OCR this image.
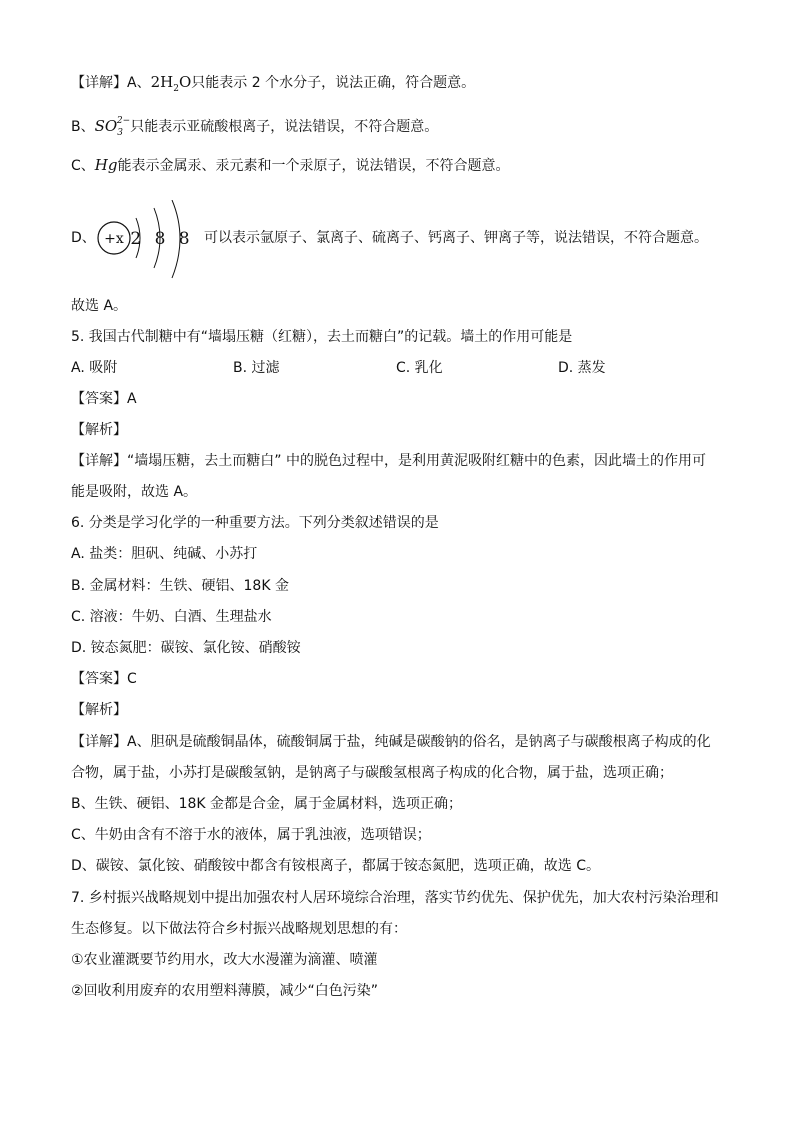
【详解】A、$2H_2O$只能表示 2 个水分子，说法正确，符合题意。
B、$SO_3^{2-}$只能表示亚硫酸根离子，说法错误，不符合题意。
C、Hg能表示金属汞、汞元素和一个汞原子，说法错误，不符合题意。
D、 +x 2 8 8 可以表示氩原子、氯离子、硫离子、钙离子、钾离子等，说法错误，不符合题意。
故选 A。
5. 我国古代制糖中有“墙塌压糖（红糖），去土而糖白”的记载。墙土的作用可能是
A. 吸附	B. 过滤	C. 乳化	D. 蒸发
【答案】A
【解析】
【详解】“墙塌压糖，去土而糖白” 中的脱色过程中，是利用黄泥吸附红糖中的色素，因此墙土的作用可
能是吸附，故选 A。
6. 分类是学习化学的一种重要方法。下列分类叙述错误的是
A. 盐类：胆矾、纯碱、小苏打
B. 金属材料：生铁、硬铝、18K 金
C. 溶液：牛奶、白酒、生理盐水
D. 铵态氮肥：碳铵、氯化铵、硝酸铵
【答案】C
【解析】
【详解】A、胆矾是硫酸铜晶体，硫酸铜属于盐，纯碱是碳酸钠的俗名，是钠离子与碳酸根离子构成的化
合物，属于盐，小苏打是碳酸氢钠，是钠离子与碳酸氢根离子构成的化合物，属于盐，选项正确；
B、生铁、硬铝、18K 金都是合金，属于金属材料，选项正确；
C、牛奶由含有不溶于水的液体，属于乳浊液，选项错误；
D、碳铵、氯化铵、硝酸铵中都含有铵根离子，都属于铵态氮肥，选项正确，故选 C。
7. 乡村振兴战略规划中提出加强农村人居环境综合治理，落实节约优先、保护优先，加大农村污染治理和
生态修复。以下做法符合乡村振兴战略规划思想的有：
①农业灌溉要节约用水，改大水漫灌为滴灌、喷灌
②回收利用废弃的农用塑料薄膜，减少“白色污染”
